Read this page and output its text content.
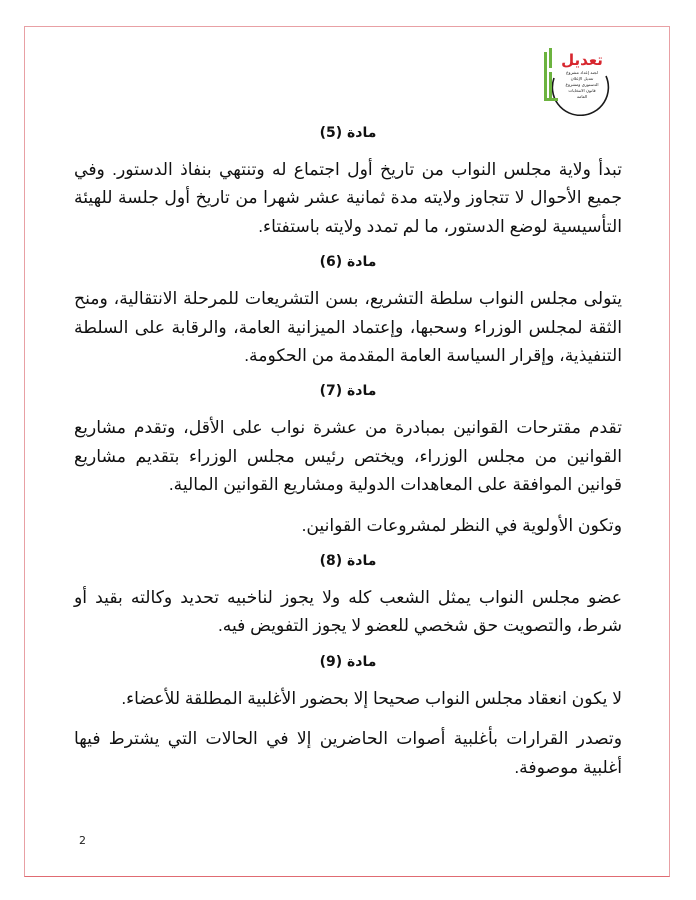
تعديل
لجنة إعداد مشروع
تعديل الإعلان
الدستوري ومشروع
قانون الانتخابات
العامة
مادة (5)

تبدأ ولاية مجلس النواب من تاريخ أول اجتماع له وتنتهي بنفاذ الدستور. وفي جميع الأحوال لا تتجاوز ولايته مدة ثمانية عشر شهرا من تاريخ أول جلسة للهيئة التأسيسية لوضع الدستور، ما لم تمدد ولايته باستفتاء.

مادة (6)

يتولى مجلس النواب سلطة التشريع، بسن التشريعات للمرحلة الانتقالية، ومنح الثقة لمجلس الوزراء وسحبها، وإعتماد الميزانية العامة، والرقابة على السلطة التنفيذية، وإقرار السياسة العامة المقدمة من الحكومة.

مادة (7)

تقدم مقترحات القوانين بمبادرة من عشرة نواب على الأقل، وتقدم مشاريع القوانين من مجلس الوزراء، ويختص رئيس مجلس الوزراء بتقديم مشاريع قوانين الموافقة على المعاهدات الدولية ومشاريع القوانين المالية.

وتكون الأولوية في النظر لمشروعات القوانين.

مادة (8)

عضو مجلس النواب يمثل الشعب كله ولا يجوز لناخبيه تحديد وكالته بقيد أو شرط، والتصويت حق شخصي للعضو لا يجوز التفويض فيه.

مادة (9)

لا يكون انعقاد مجلس النواب صحيحا إلا بحضور الأغلبية المطلقة للأعضاء.

وتصدر القرارات بأغلبية أصوات الحاضرين إلا في الحالات التي يشترط فيها أغلبية موصوفة.

2
